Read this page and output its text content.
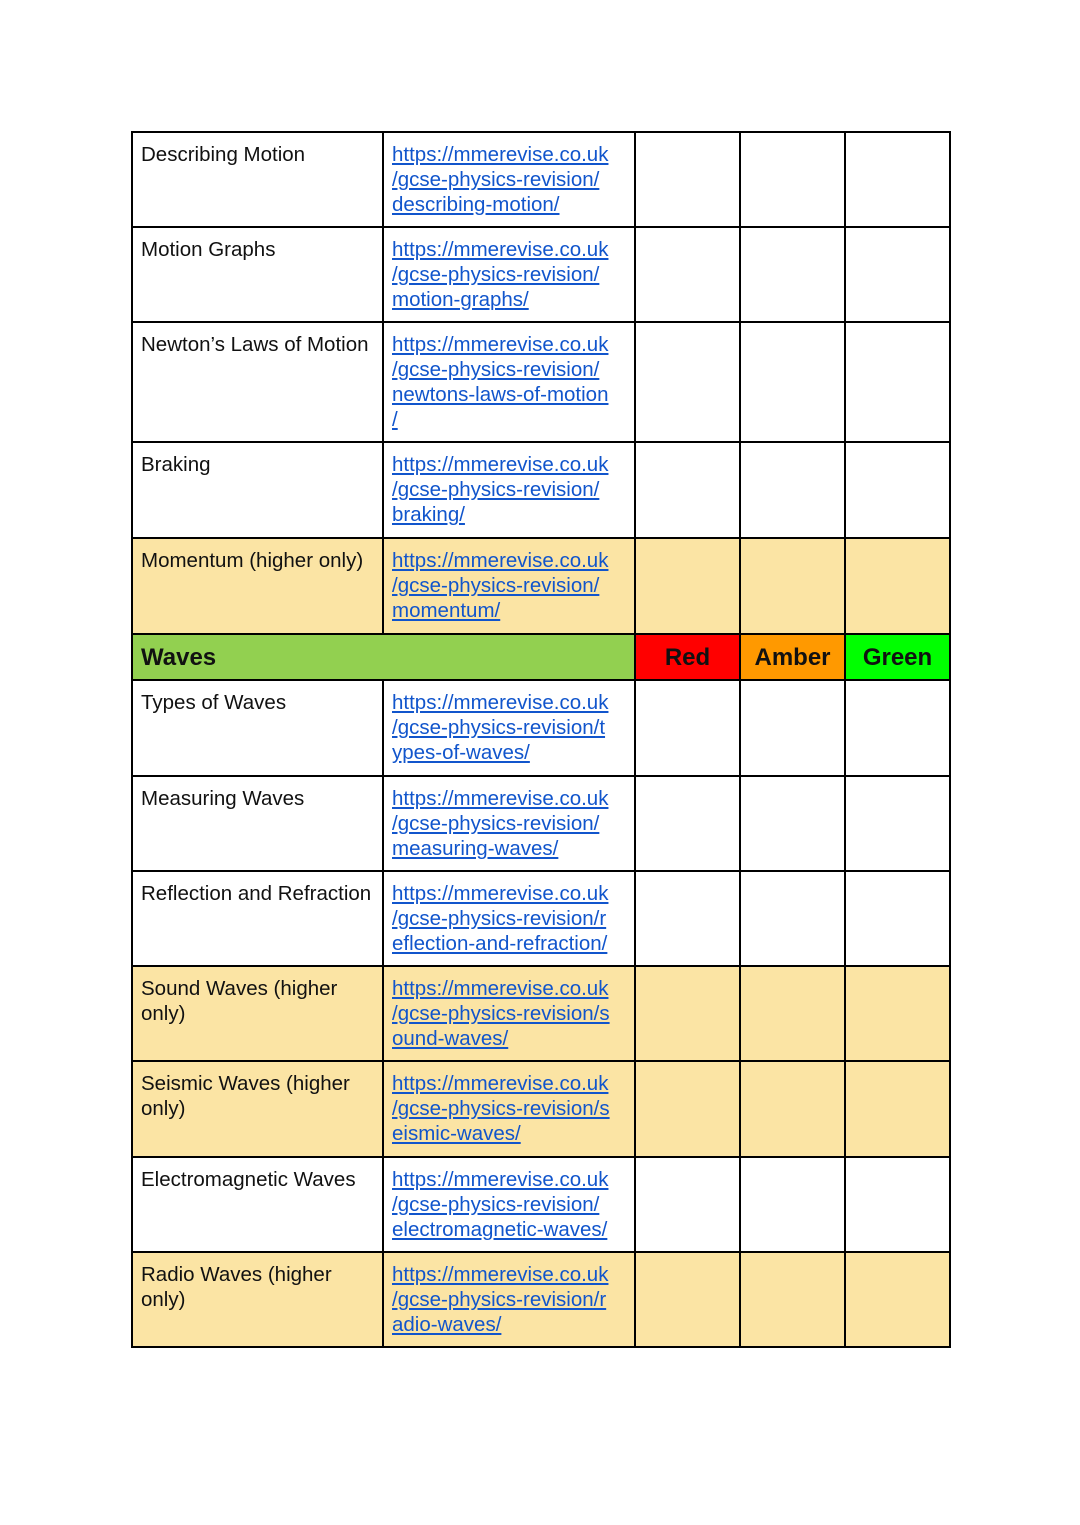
Describing Motion	https://mmerevise.co.uk
/gcse-physics-revision/
describing-motion/			

Motion Graphs	https://mmerevise.co.uk
/gcse-physics-revision/
motion-graphs/			

Newton’s Laws of Motion	https://mmerevise.co.uk
/gcse-physics-revision/
newtons-laws-of-motion
/			

Braking	https://mmerevise.co.uk
/gcse-physics-revision/
braking/			

Momentum (higher only)	https://mmerevise.co.uk
/gcse-physics-revision/
momentum/			

Waves		Red	Amber	Green
Types of Waves	https://mmerevise.co.uk
/gcse-physics-revision/t
ypes-of-waves/			

Measuring Waves	https://mmerevise.co.uk
/gcse-physics-revision/
measuring-waves/			

Reflection and Refraction	https://mmerevise.co.uk
/gcse-physics-revision/r
eflection-and-refraction/			

Sound Waves (higher only)	https://mmerevise.co.uk
/gcse-physics-revision/s
ound-waves/			

Seismic Waves (higher only)	https://mmerevise.co.uk
/gcse-physics-revision/s
eismic-waves/			

Electromagnetic Waves	https://mmerevise.co.uk
/gcse-physics-revision/
electromagnetic-waves/			

Radio Waves (higher only)	https://mmerevise.co.uk
/gcse-physics-revision/r
adio-waves/			
